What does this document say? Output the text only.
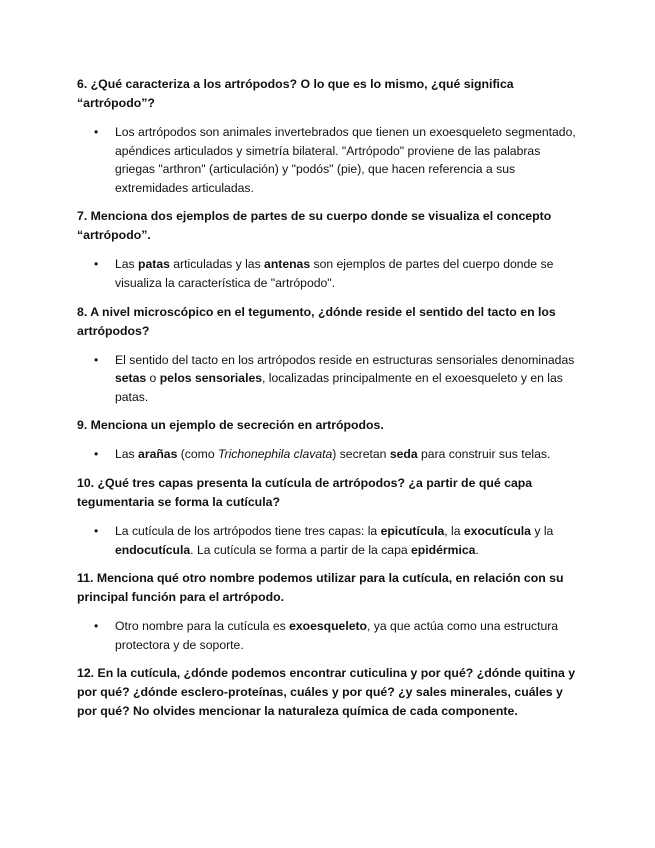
6. ¿Qué caracteriza a los artrópodos? O lo que es lo mismo, ¿qué significa “artrópodo”?

• Los artrópodos son animales invertebrados que tienen un exoesqueleto segmentado, apéndices articulados y simetría bilateral. "Artrópodo" proviene de las palabras griegas "arthron" (articulación) y "podós" (pie), que hacen referencia a sus extremidades articuladas.

7. Menciona dos ejemplos de partes de su cuerpo donde se visualiza el concepto “artrópodo”.

• Las patas articuladas y las antenas son ejemplos de partes del cuerpo donde se visualiza la característica de "artrópodo".

8. A nivel microscópico en el tegumento, ¿dónde reside el sentido del tacto en los artrópodos?

• El sentido del tacto en los artrópodos reside en estructuras sensoriales denominadas setas o pelos sensoriales, localizadas principalmente en el exoesqueleto y en las patas.

9. Menciona un ejemplo de secreción en artrópodos.

• Las arañas (como Trichonephila clavata) secretan seda para construir sus telas.

10. ¿Qué tres capas presenta la cutícula de artrópodos? ¿a partir de qué capa tegumentaria se forma la cutícula?

• La cutícula de los artrópodos tiene tres capas: la epicutícula, la exocutícula y la endocutícula. La cutícula se forma a partir de la capa epidérmica.

11. Menciona qué otro nombre podemos utilizar para la cutícula, en relación con su principal función para el artrópodo.

• Otro nombre para la cutícula es exoesqueleto, ya que actúa como una estructura protectora y de soporte.

12. En la cutícula, ¿dónde podemos encontrar cuticulina y por qué? ¿dónde quitina y por qué? ¿dónde esclero-proteínas, cuáles y por qué? ¿y sales minerales, cuáles y por qué? No olvides mencionar la naturaleza química de cada componente.
